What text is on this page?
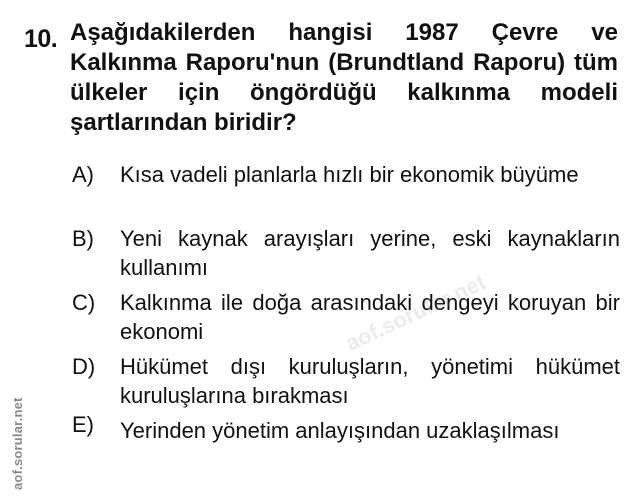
10. Aşağıdakilerden hangisi 1987 Çevre ve Kalkınma Raporu'nun (Brundtland Raporu) tüm ülkeler için öngördüğü kalkınma modeli şartlarından biridir?
A)	Kısa vadeli planlarla hızlı bir ekonomik büyüme
B)	Yeni kaynak arayışları yerine, eski kaynakların kullanımı
C)	Kalkınma ile doğa arasındaki dengeyi koruyan bir ekonomi
D)	Hükümet dışı kuruluşların, yönetimi hükümet kuruluşlarına bırakması
E)	Yerinden yönetim anlayışından uzaklaşılması
aof.sorular.net
aof.sorular.net
